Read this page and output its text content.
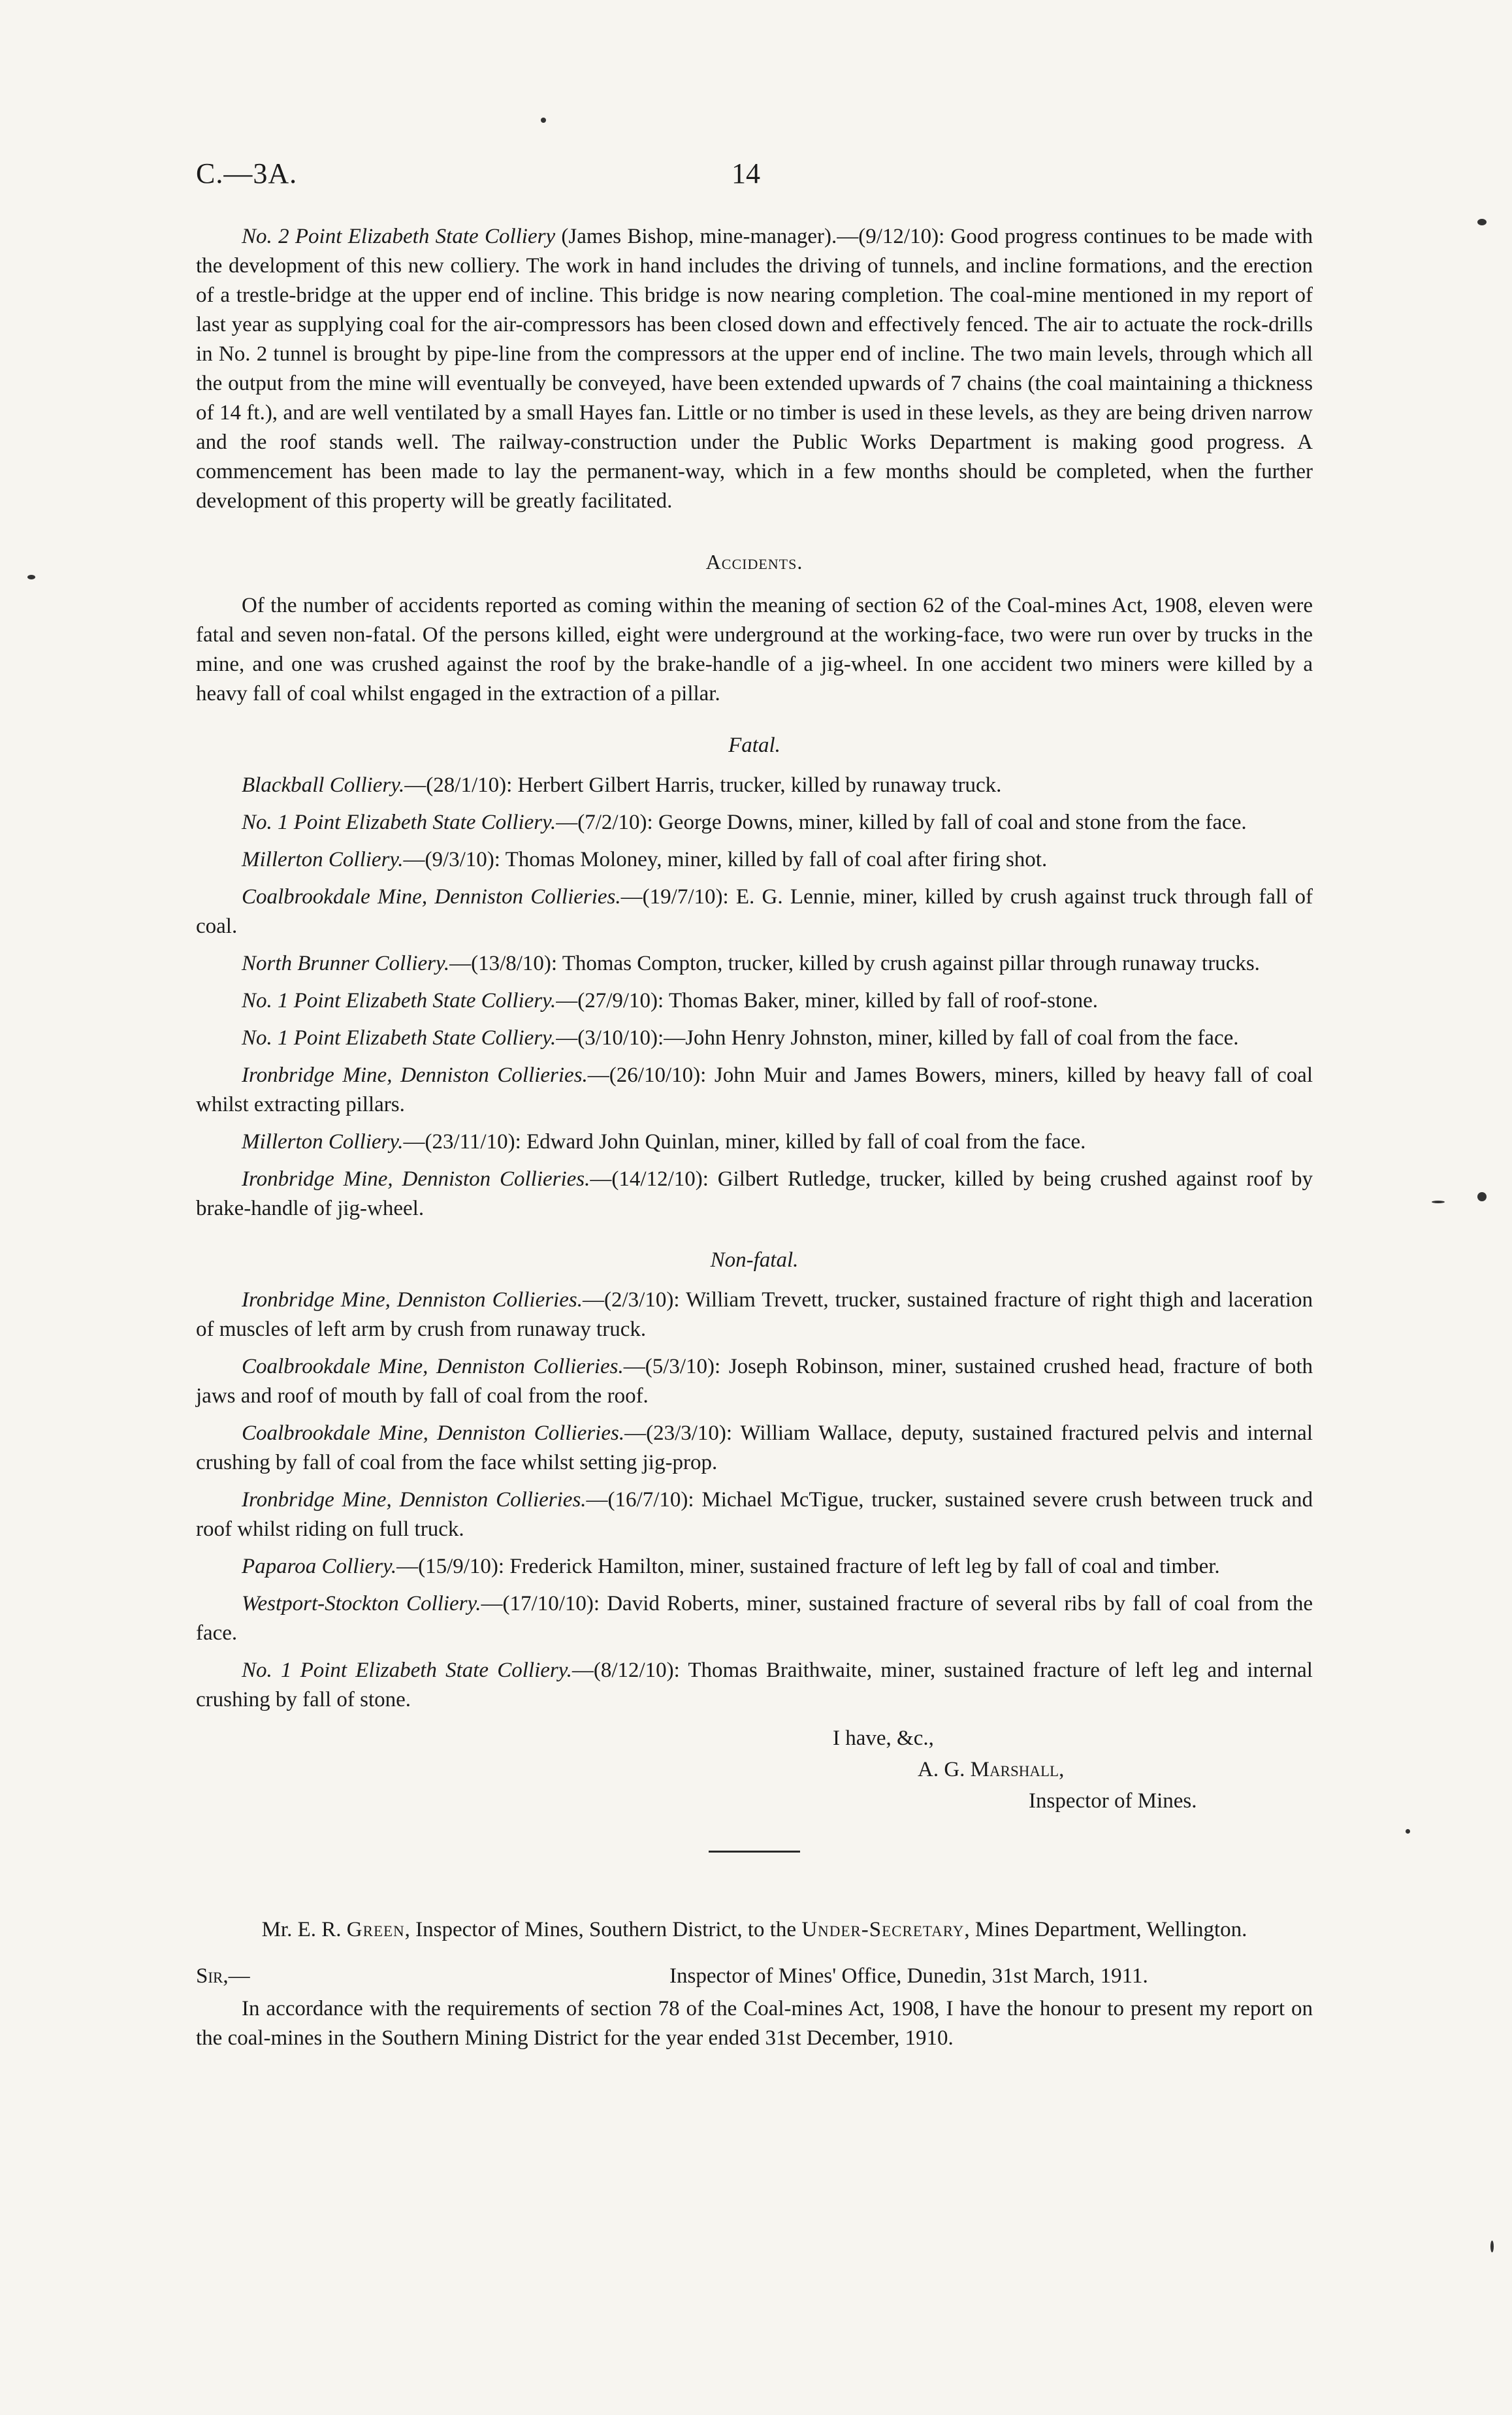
C.—3A.	14

No. 2 Point Elizabeth State Colliery (James Bishop, mine-manager).—(9/12/10): Good progress continues to be made with the development of this new colliery. The work in hand includes the driving of tunnels, and incline formations, and the erection of a trestle-bridge at the upper end of incline. This bridge is now nearing completion. The coal-mine mentioned in my report of last year as supplying coal for the air-compressors has been closed down and effectively fenced. The air to actuate the rock-drills in No. 2 tunnel is brought by pipe-line from the compressors at the upper end of incline. The two main levels, through which all the output from the mine will eventually be conveyed, have been extended upwards of 7 chains (the coal maintaining a thickness of 14 ft.), and are well ventilated by a small Hayes fan. Little or no timber is used in these levels, as they are being driven narrow and the roof stands well. The railway-construction under the Public Works Department is making good progress. A commencement has been made to lay the permanent-way, which in a few months should be completed, when the further development of this property will be greatly facilitated.

Accidents.

Of the number of accidents reported as coming within the meaning of section 62 of the Coal-mines Act, 1908, eleven were fatal and seven non-fatal. Of the persons killed, eight were underground at the working-face, two were run over by trucks in the mine, and one was crushed against the roof by the brake-handle of a jig-wheel. In one accident two miners were killed by a heavy fall of coal whilst engaged in the extraction of a pillar.

Fatal.

Blackball Colliery.—(28/1/10): Herbert Gilbert Harris, trucker, killed by runaway truck.

No. 1 Point Elizabeth State Colliery.—(7/2/10): George Downs, miner, killed by fall of coal and stone from the face.

Millerton Colliery.—(9/3/10): Thomas Moloney, miner, killed by fall of coal after firing shot.

Coalbrookdale Mine, Denniston Collieries.—(19/7/10): E. G. Lennie, miner, killed by crush against truck through fall of coal.

North Brunner Colliery.—(13/8/10): Thomas Compton, trucker, killed by crush against pillar through runaway trucks.

No. 1 Point Elizabeth State Colliery.—(27/9/10): Thomas Baker, miner, killed by fall of roof-stone.

No. 1 Point Elizabeth State Colliery.—(3/10/10):—John Henry Johnston, miner, killed by fall of coal from the face.

Ironbridge Mine, Denniston Collieries.—(26/10/10): John Muir and James Bowers, miners, killed by heavy fall of coal whilst extracting pillars.

Millerton Colliery.—(23/11/10): Edward John Quinlan, miner, killed by fall of coal from the face.

Ironbridge Mine, Denniston Collieries.—(14/12/10): Gilbert Rutledge, trucker, killed by being crushed against roof by brake-handle of jig-wheel.

Non-fatal.

Ironbridge Mine, Denniston Collieries.—(2/3/10): William Trevett, trucker, sustained fracture of right thigh and laceration of muscles of left arm by crush from runaway truck.

Coalbrookdale Mine, Denniston Collieries.—(5/3/10): Joseph Robinson, miner, sustained crushed head, fracture of both jaws and roof of mouth by fall of coal from the roof.

Coalbrookdale Mine, Denniston Collieries.—(23/3/10): William Wallace, deputy, sustained fractured pelvis and internal crushing by fall of coal from the face whilst setting jig-prop.

Ironbridge Mine, Denniston Collieries.—(16/7/10): Michael McTigue, trucker, sustained severe crush between truck and roof whilst riding on full truck.

Paparoa Colliery.—(15/9/10): Frederick Hamilton, miner, sustained fracture of left leg by fall of coal and timber.

Westport-Stockton Colliery.—(17/10/10): David Roberts, miner, sustained fracture of several ribs by fall of coal from the face.

No. 1 Point Elizabeth State Colliery.—(8/12/10): Thomas Braithwaite, miner, sustained fracture of left leg and internal crushing by fall of stone.

I have, &c.,
A. G. Marshall,
Inspector of Mines.

Mr. E. R. Green, Inspector of Mines, Southern District, to the Under-Secretary, Mines Department, Wellington.

Sir,—	Inspector of Mines' Office, Dunedin, 31st March, 1911.

In accordance with the requirements of section 78 of the Coal-mines Act, 1908, I have the honour to present my report on the coal-mines in the Southern Mining District for the year ended 31st December, 1910.
